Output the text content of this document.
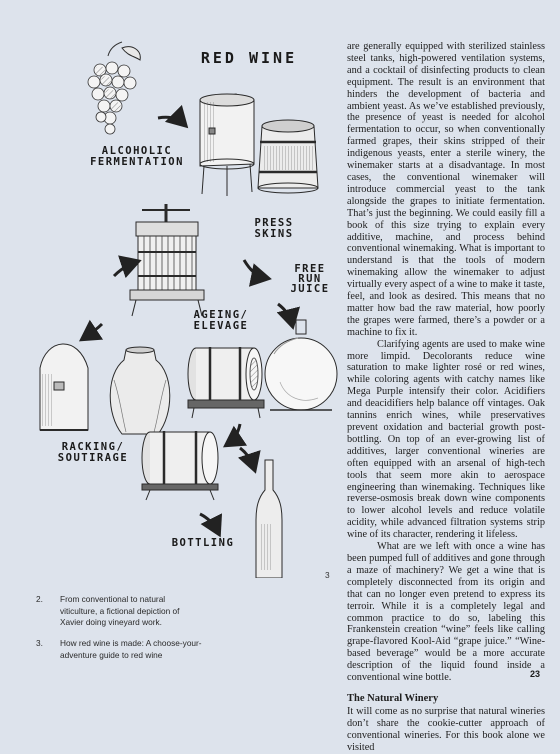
RED WINE
ALCOHOLIC
FERMENTATION
PRESS
SKINS
FREE
RUN
JUICE
AGEING/
ELEVAGE
RACKING/
SOUTIRAGE
BOTTLING
3
2. From conventional to natural viticulture, a fictional depiction of Xavier doing vineyard work.
3. How red wine is made: A choose-your-adventure guide to red wine

are generally equipped with sterilized stainless steel tanks, high-powered ventilation systems, and a cocktail of disinfecting products to clean equipment. The result is an environment that hinders the development of bacteria and ambient yeast. As we’ve established previously, the presence of yeast is needed for alcohol fermentation to occur, so when conventionally farmed grapes, their skins stripped of their indigenous yeasts, enter a sterile winery, the winemaker starts at a disadvantage. In most cases, the conventional winemaker will introduce commercial yeast to the tank alongside the grapes to initiate fermentation. That’s just the beginning. We could easily fill a book of this size trying to explain every additive, machine, and process behind conventional winemaking. What is important to understand is that the tools of modern winemaking allow the winemaker to adjust virtually every aspect of a wine to make it taste, feel, and look as desired. This means that no matter how bad the raw material, how poorly the grapes were farmed, there’s a powder or a machine to fix it.

Clarifying agents are used to make wine more limpid. Decolorants reduce wine saturation to make lighter rosé or red wines, while coloring agents with catchy names like Mega Purple intensify their color. Acidifiers and deacidifiers help balance off vintages. Oak tannins enrich wines, while preservatives prevent oxidation and bacterial growth post-bottling. On top of an ever-growing list of additives, larger conventional wineries are often equipped with an arsenal of high-tech tools that seem more akin to aerospace engineering than winemaking. Techniques like reverse-osmosis break down wine components to lower alcohol levels and reduce volatile acidity, while advanced filtration systems strip wine of its character, rendering it lifeless.

What are we left with once a wine has been pumped full of additives and gone through a maze of machinery? We get a wine that is completely disconnected from its origin and that can no longer even pretend to express its terroir. While it is a completely legal and common practice to do so, labeling this Frankenstein creation “wine” feels like calling grape-flavored Kool-Aid “grape juice.” “Wine-based beverage” would be a more accurate description of the liquid found inside a conventional wine bottle.

The Natural Winery

It will come as no surprise that natural wineries don’t share the cookie-cutter approach of conventional wineries. For this book alone we visited

23
